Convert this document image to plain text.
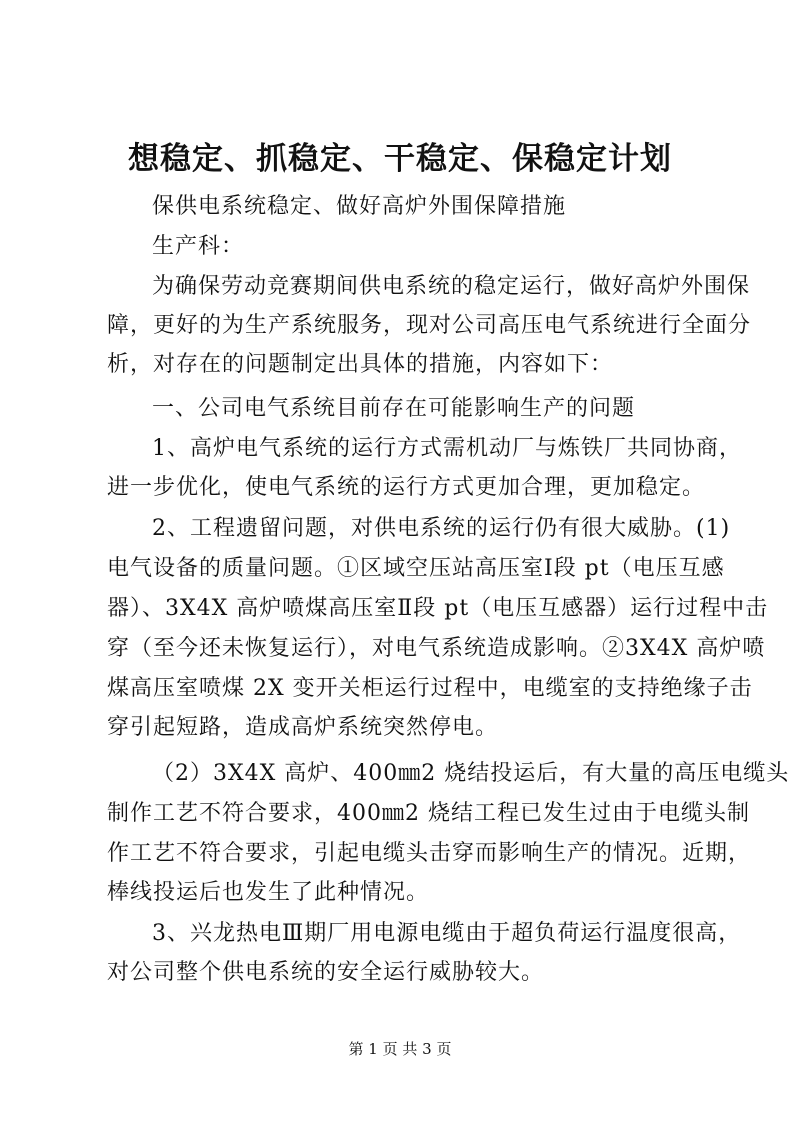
想稳定、抓稳定、干稳定、保稳定计划

保供电系统稳定、做好高炉外围保障措施

生产科：

为确保劳动竞赛期间供电系统的稳定运行，做好高炉外围保

障，更好的为生产系统服务，现对公司高压电气系统进行全面分

析，对存在的问题制定出具体的措施，内容如下：

一、公司电气系统目前存在可能影响生产的问题

1、高炉电气系统的运行方式需机动厂与炼铁厂共同协商，

进一步优化，使电气系统的运行方式更加合理，更加稳定。

2、工程遗留问题，对供电系统的运行仍有很大威胁。(1)

电气设备的质量问题。①区域空压站高压室Ⅰ段 pt（电压互感

器）、3X4X 高炉喷煤高压室Ⅱ段 pt（电压互感器）运行过程中击

穿（至今还未恢复运行），对电气系统造成影响。②3X4X 高炉喷

煤高压室喷煤 2X 变开关柜运行过程中，电缆室的支持绝缘子击

穿引起短路，造成高炉系统突然停电。

（2）3X4X 高炉、400㎜2 烧结投运后，有大量的高压电缆头

制作工艺不符合要求，400㎜2 烧结工程已发生过由于电缆头制

作工艺不符合要求，引起电缆头击穿而影响生产的情况。近期，

棒线投运后也发生了此种情况。

3、兴龙热电Ⅲ期厂用电源电缆由于超负荷运行温度很高，

对公司整个供电系统的安全运行威胁较大。

第 1 页 共 3 页
